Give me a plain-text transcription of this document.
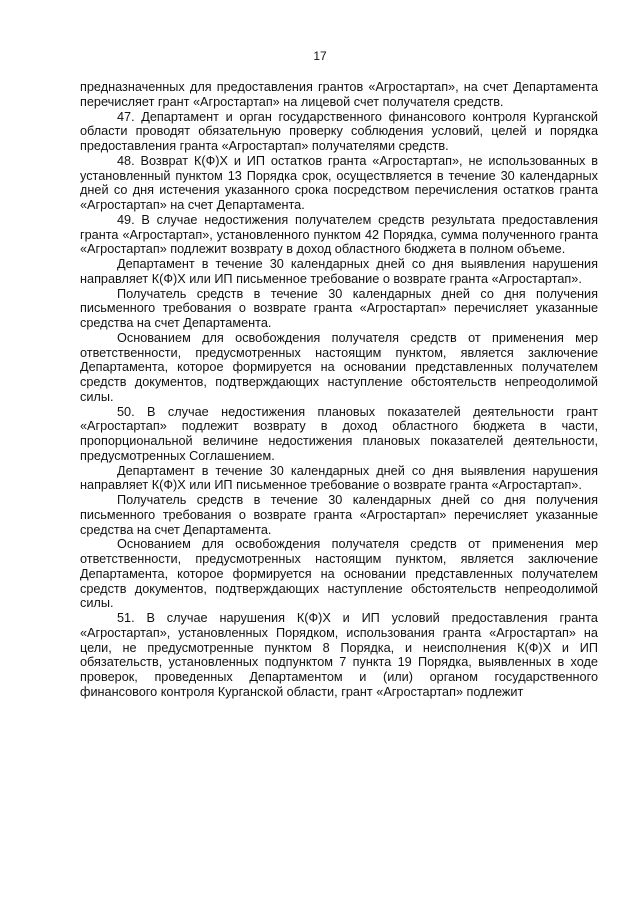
17

предназначенных для предоставления грантов «Агростартап», на счет Департамента перечисляет грант «Агростартап» на лицевой счет получателя средств.

47. Департамент и орган государственного финансового контроля Курганской области проводят обязательную проверку соблюдения условий, целей и порядка предоставления гранта «Агростартап» получателями средств.

48. Возврат К(Ф)Х и ИП остатков гранта «Агростартап», не использованных в установленный пунктом 13 Порядка срок, осуществляется в течение 30 календарных дней со дня истечения указанного срока посредством перечисления остатков гранта «Агростартап» на счет Департамента.

49. В случае недостижения получателем средств результата предоставления гранта «Агростартап», установленного пунктом 42 Порядка, сумма полученного гранта «Агростартап» подлежит возврату в доход областного бюджета в полном объеме.

Департамент в течение 30 календарных дней со дня выявления нарушения направляет К(Ф)Х или ИП письменное требование о возврате гранта «Агростартап».

Получатель средств в течение 30 календарных дней со дня получения письменного требования о возврате гранта «Агростартап» перечисляет указанные средства на счет Департамента.

Основанием для освобождения получателя средств от применения мер ответственности, предусмотренных настоящим пунктом, является заключение Департамента, которое формируется на основании представленных получателем средств документов, подтверждающих наступление обстоятельств непреодолимой силы.

50. В случае недостижения плановых показателей деятельности грант «Агростартап» подлежит возврату в доход областного бюджета в части, пропорциональной величине недостижения плановых показателей деятельности, предусмотренных Соглашением.

Департамент в течение 30 календарных дней со дня выявления нарушения направляет К(Ф)Х или ИП письменное требование о возврате гранта «Агростартап».

Получатель средств в течение 30 календарных дней со дня получения письменного требования о возврате гранта «Агростартап» перечисляет указанные средства на счет Департамента.

Основанием для освобождения получателя средств от применения мер ответственности, предусмотренных настоящим пунктом, является заключение Департамента, которое формируется на основании представленных получателем средств документов, подтверждающих наступление обстоятельств непреодолимой силы.

51. В случае нарушения К(Ф)Х и ИП условий предоставления гранта «Агростартап», установленных Порядком, использования гранта «Агростартап» на цели, не предусмотренные пунктом 8 Порядка, и неисполнения К(Ф)Х и ИП обязательств, установленных подпунктом 7 пункта 19 Порядка, выявленных в ходе проверок, проведенных Департаментом и (или) органом государственного финансового контроля Курганской области, грант «Агростартап» подлежит
